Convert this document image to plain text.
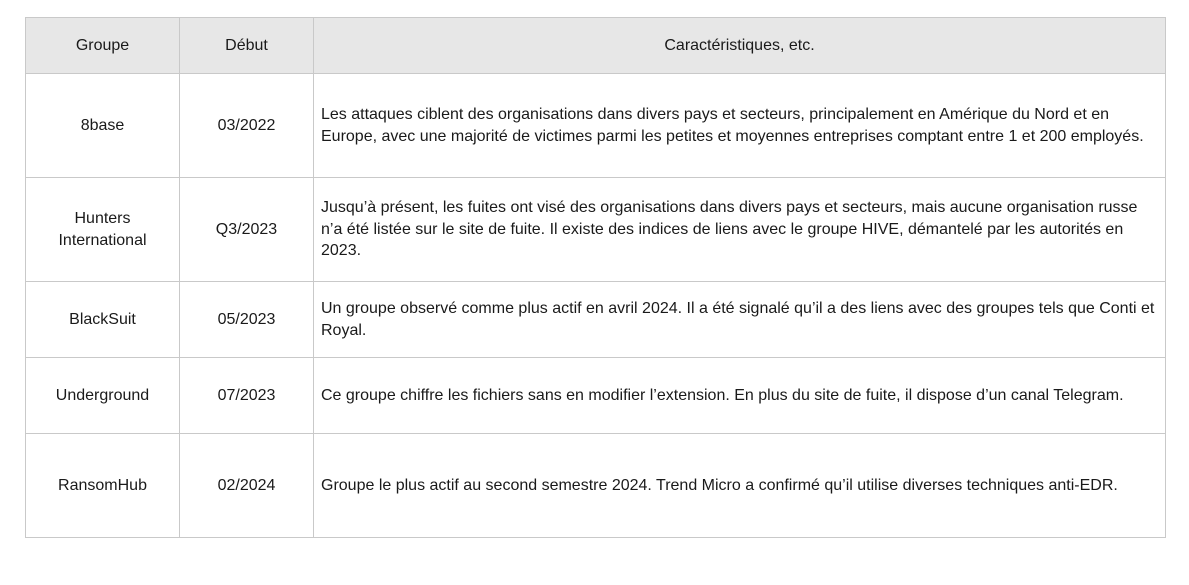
Groupe	Début	Caractéristiques, etc.
8base	03/2022	Les attaques ciblent des organisations dans divers pays et secteurs, principalement en Amérique du Nord et en Europe, avec une majorité de victimes parmi les petites et moyennes entreprises comptant entre 1 et 200 employés.

Hunters International	Q3/2023	Jusqu’à présent, les fuites ont visé des organisations dans divers pays et secteurs, mais aucune organisation russe n’a été listée sur le site de fuite. Il existe des indices de liens avec le groupe HIVE, démantelé par les autorités en 2023.
BlackSuit	05/2023	Un groupe observé comme plus actif en avril 2024. Il a été signalé qu’il a des liens avec des groupes tels que Conti et Royal.
Underground	07/2023	Ce groupe chiffre les fichiers sans en modifier l’extension. En plus du site de fuite, il dispose d’un canal Telegram.
RansomHub	02/2024	Groupe le plus actif au second semestre 2024. Trend Micro a confirmé qu’il utilise diverses techniques anti-EDR.
